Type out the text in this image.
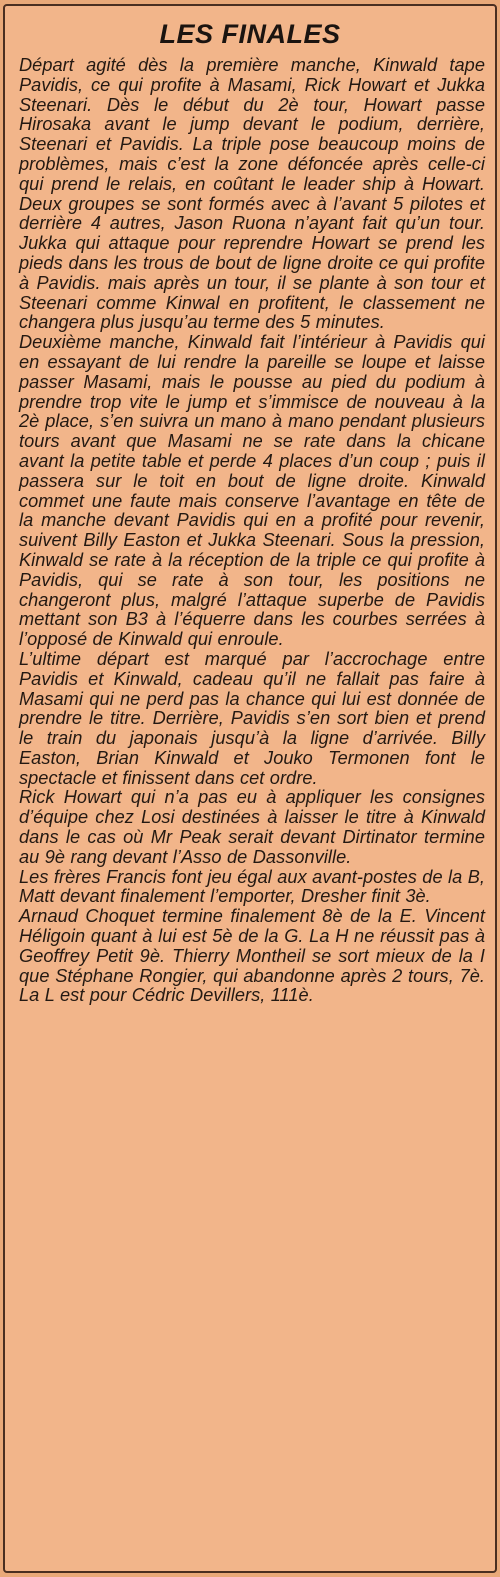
LES FINALES

Départ agité dès la première manche, Kinwald tape Pavidis, ce qui profite à Masami, Rick Howart et Jukka Steenari. Dès le début du 2è tour, Howart passe Hirosaka avant le jump devant le podium, derrière, Steenari et Pavidis. La triple pose beaucoup moins de problèmes, mais c’est la zone défoncée après celle-ci qui prend le relais, en coûtant le leader ship à Howart. Deux groupes se sont formés avec à l’avant 5 pilotes et derrière 4 autres, Jason Ruona n’ayant fait qu’un tour. Jukka qui attaque pour reprendre Howart se prend les pieds dans les trous de bout de ligne droite ce qui profite à Pavidis. mais après un tour, il se plante à son tour et Steenari comme Kinwal en profitent, le classement ne changera plus jusqu’au terme des 5 minutes.

Deuxième manche, Kinwald fait l’intérieur à Pavidis qui en essayant de lui rendre la pareille se loupe et laisse passer Masami, mais le pousse au pied du podium à prendre trop vite le jump et s’immisce de nouveau à la 2è place, s’en suivra un mano à mano pendant plusieurs tours avant que Masami ne se rate dans la chicane avant la petite table et perde 4 places d’un coup ; puis il passera sur le toit en bout de ligne droite. Kinwald commet une faute mais conserve l’avantage en tête de la manche devant Pavidis qui en a profité pour revenir, suivent Billy Easton et Jukka Steenari. Sous la pression, Kinwald se rate à la réception de la triple ce qui profite à Pavidis, qui se rate à son tour, les positions ne changeront plus, malgré l’attaque superbe de Pavidis mettant son B3 à l’équerre dans les courbes serrées à l’opposé de Kinwald qui enroule.

L’ultime départ est marqué par l’accrochage entre Pavidis et Kinwald, cadeau qu’il ne fallait pas faire à Masami qui ne perd pas la chance qui lui est donnée de prendre le titre. Derrière, Pavidis s’en sort bien et prend le train du japonais jusqu’à la ligne d’arrivée. Billy Easton, Brian Kinwald et Jouko Termonen font le spectacle et finissent dans cet ordre.

Rick Howart qui n’a pas eu à appliquer les consignes d’équipe chez Losi destinées à laisser le titre à Kinwald dans le cas où Mr Peak serait devant Dirtinator termine au 9è rang devant l’Asso de Dassonville.

Les frères Francis font jeu égal aux avant-postes de la B, Matt devant finalement l’emporter, Dresher finit 3è.

Arnaud Choquet termine finalement 8è de la E. Vincent Héligoin quant à lui est 5è de la G. La H ne réussit pas à Geoffrey Petit 9è. Thierry Montheil se sort mieux de la I que Stéphane Rongier, qui abandonne après 2 tours, 7è. La L est pour Cédric Devillers, 111è.
